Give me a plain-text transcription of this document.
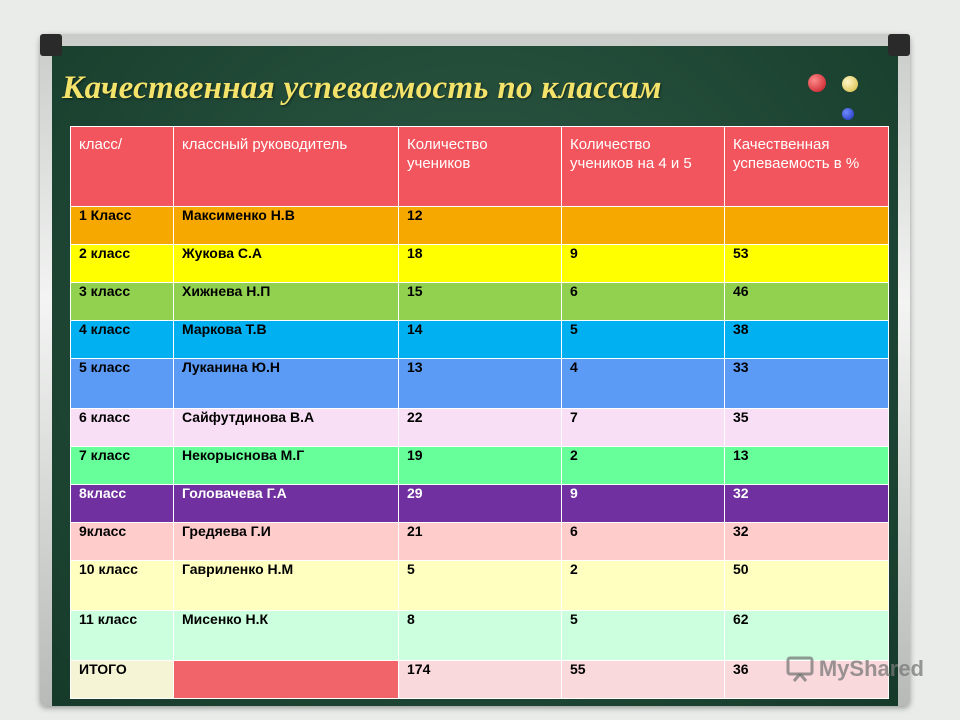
Качественная успеваемость по классам
класс/	классный руководитель	Количество учеников	Количество учеников на 4 и 5	Качественная успеваемость в %
1 Класс	Максименко Н.В	12		
2 класс	Жукова С.А	18	9	53
3 класс	Хижнева Н.П	15	6	46
4 класс	Маркова Т.В	14	5	38
5 класс	Луканина Ю.Н	13	4	33
6 класс	Сайфутдинова В.А	22	7	35
7 класс	Некорыснова М.Г	19	2	13
8класс	Головачева Г.А	29	9	32
9класс	Гредяева Г.И	21	6	32
10 класс	Гавриленко Н.М	5	2	50
11 класс	Мисенко Н.К	8	5	62
ИТОГО		174	55	36	MyShared
